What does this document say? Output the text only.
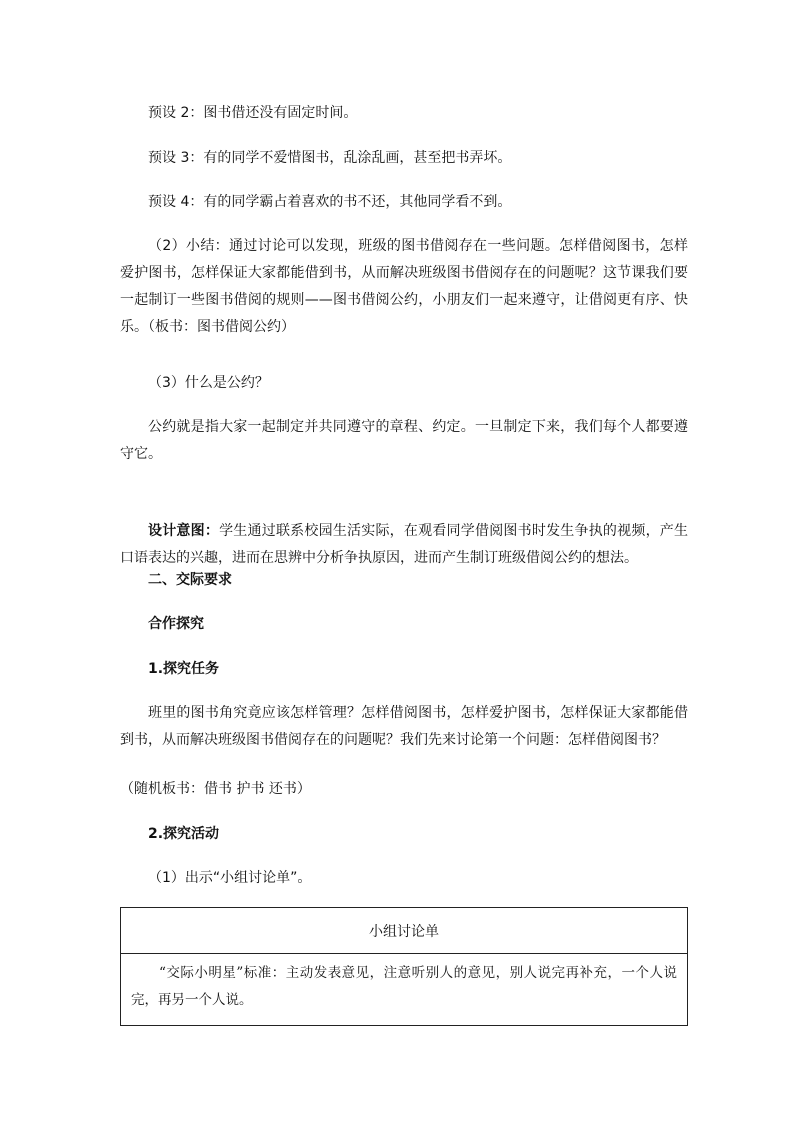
预设 2：图书借还没有固定时间。
预设 3：有的同学不爱惜图书，乱涂乱画，甚至把书弄坏。
预设 4：有的同学霸占着喜欢的书不还，其他同学看不到。
（2）小结：通过讨论可以发现，班级的图书借阅存在一些问题。怎样借阅图书，怎样爱护图书，怎样保证大家都能借到书，从而解决班级图书借阅存在的问题呢？这节课我们要一起制订一些图书借阅的规则——图书借阅公约，小朋友们一起来遵守，让借阅更有序、快乐。（板书：图书借阅公约）
（3）什么是公约？
公约就是指大家一起制定并共同遵守的章程、约定。一旦制定下来，我们每个人都要遵守它。
设计意图：学生通过联系校园生活实际，在观看同学借阅图书时发生争执的视频，产生口语表达的兴趣，进而在思辨中分析争执原因，进而产生制订班级借阅公约的想法。
二、交际要求
合作探究
1.探究任务
班里的图书角究竟应该怎样管理？怎样借阅图书，怎样爱护图书，怎样保证大家都能借到书，从而解决班级图书借阅存在的问题呢？我们先来讨论第一个问题：怎样借阅图书？
（随机板书：借书 护书 还书）
2.探究活动
（1）出示“小组讨论单”。
小组讨论单
“交际小明星”标准：主动发表意见，注意听别人的意见，别人说完再补充，一个人说完，再另一个人说。
